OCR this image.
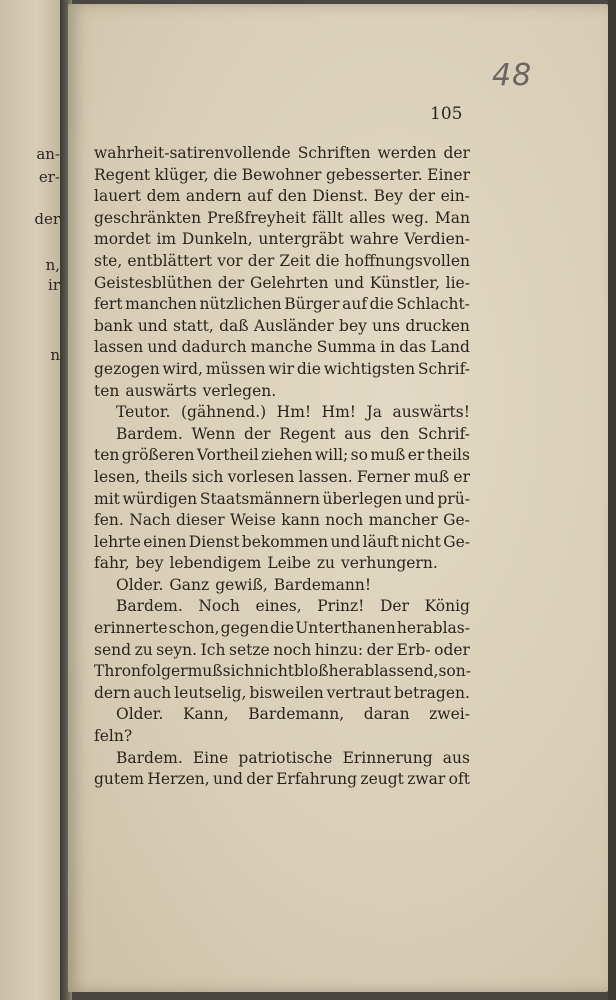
an-
er-
der
n,
ir
n
48
105
wahrheit-satirenvollende Schriften werden der
Regent klüger, die Bewohner gebesserter. Einer
lauert dem andern auf den Dienst. Bey der ein-
geschränkten Preßfreyheit fällt alles weg. Man
mordet im Dunkeln, untergräbt wahre Verdien-
ste, entblättert vor der Zeit die hoffnungsvollen
Geistesblüthen der Gelehrten und Künstler, lie-
fert manchen nützlichen Bürger auf die Schlacht-
bank und statt, daß Ausländer bey uns drucken
lassen und dadurch manche Summa in das Land
gezogen wird, müssen wir die wichtigsten Schrif-
ten auswärts verlegen.
Teutor. (gähnend.) Hm! Hm! Ja auswärts!
Bardem. Wenn der Regent aus den Schrif-
ten größeren Vortheil ziehen will; so muß er theils
lesen, theils sich vorlesen lassen. Ferner muß er
mit würdigen Staatsmännern überlegen und prü-
fen. Nach dieser Weise kann noch mancher Ge-
lehrte einen Dienst bekommen und läuft nicht Ge-
fahr, bey lebendigem Leibe zu verhungern.
Older. Ganz gewiß, Bardemann!
Bardem. Noch eines, Prinz! Der König
erinnerte schon, gegen die Unterthanen herablas-
send zu seyn. Ich setze noch hinzu: der Erb- oder
Thronfolger muß sich nicht bloß herablassend, son-
dern auch leutselig, bisweilen vertraut betragen.
Older. Kann, Bardemann, daran zwei-
feln?
Bardem. Eine patriotische Erinnerung aus
gutem Herzen, und der Erfahrung zeugt zwar oft
